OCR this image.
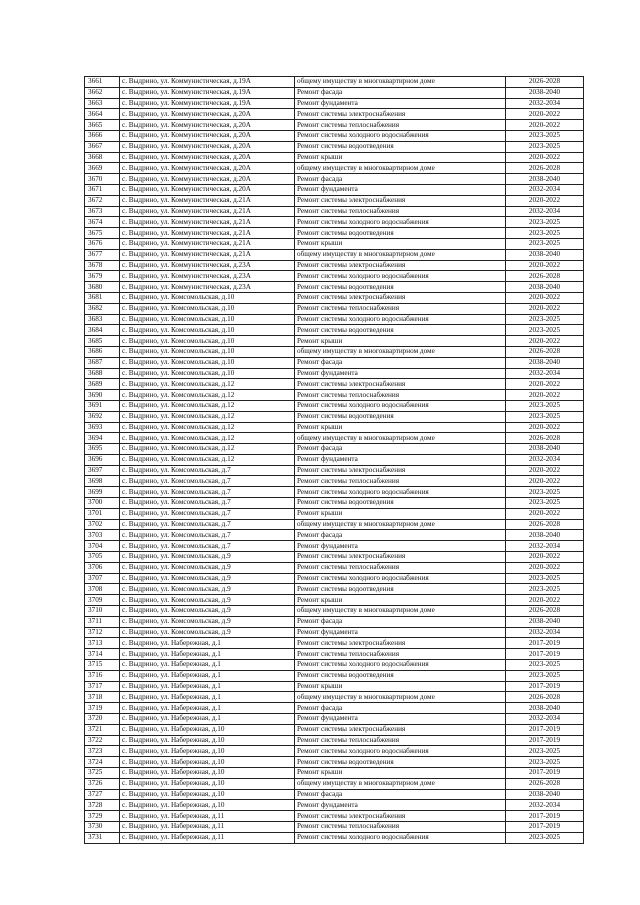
3661	с. Выдрино, ул. Коммунистическая, д.19А	общему имуществу в многоквартирном доме	2026-2028
3662	с. Выдрино, ул. Коммунистическая, д.19А	Ремонт фасада	2038-2040
3663	с. Выдрино, ул. Коммунистическая, д.19А	Ремонт фундамента	2032-2034
3664	с. Выдрино, ул. Коммунистическая, д.20А	Ремонт системы электроснабжения	2020-2022
3665	с. Выдрино, ул. Коммунистическая, д.20А	Ремонт системы теплоснабжения	2020-2022
3666	с. Выдрино, ул. Коммунистическая, д.20А	Ремонт системы холодного водоснабжения	2023-2025
3667	с. Выдрино, ул. Коммунистическая, д.20А	Ремонт системы водоотведения	2023-2025
3668	с. Выдрино, ул. Коммунистическая, д.20А	Ремонт крыши	2020-2022
3669	с. Выдрино, ул. Коммунистическая, д.20А	общему имуществу в многоквартирном доме	2026-2028
3670	с. Выдрино, ул. Коммунистическая, д.20А	Ремонт фасада	2038-2040
3671	с. Выдрино, ул. Коммунистическая, д.20А	Ремонт фундамента	2032-2034
3672	с. Выдрино, ул. Коммунистическая, д.21А	Ремонт системы электроснабжения	2020-2022
3673	с. Выдрино, ул. Коммунистическая, д.21А	Ремонт системы теплоснабжения	2032-2034
3674	с. Выдрино, ул. Коммунистическая, д.21А	Ремонт системы холодного водоснабжения	2023-2025
3675	с. Выдрино, ул. Коммунистическая, д.21А	Ремонт системы водоотведения	2023-2025
3676	с. Выдрино, ул. Коммунистическая, д.21А	Ремонт крыши	2023-2025
3677	с. Выдрино, ул. Коммунистическая, д.21А	общему имуществу в многоквартирном доме	2038-2040
3678	с. Выдрино, ул. Коммунистическая, д.23А	Ремонт системы электроснабжения	2020-2022
3679	с. Выдрино, ул. Коммунистическая, д.23А	Ремонт системы холодного водоснабжения	2026-2028
3680	с. Выдрино, ул. Коммунистическая, д.23А	Ремонт системы водоотведения	2038-2040
3681	с. Выдрино, ул. Комсомольская, д.10	Ремонт системы электроснабжения	2020-2022
3682	с. Выдрино, ул. Комсомольская, д.10	Ремонт системы теплоснабжения	2020-2022
3683	с. Выдрино, ул. Комсомольская, д.10	Ремонт системы холодного водоснабжения	2023-2025
3684	с. Выдрино, ул. Комсомольская, д.10	Ремонт системы водоотведения	2023-2025
3685	с. Выдрино, ул. Комсомольская, д.10	Ремонт крыши	2020-2022
3686	с. Выдрино, ул. Комсомольская, д.10	общему имуществу в многоквартирном доме	2026-2028
3687	с. Выдрино, ул. Комсомольская, д.10	Ремонт фасада	2038-2040
3688	с. Выдрино, ул. Комсомольская, д.10	Ремонт фундамента	2032-2034
3689	с. Выдрино, ул. Комсомольская, д.12	Ремонт системы электроснабжения	2020-2022
3690	с. Выдрино, ул. Комсомольская, д.12	Ремонт системы теплоснабжения	2020-2022
3691	с. Выдрино, ул. Комсомольская, д.12	Ремонт системы холодного водоснабжения	2023-2025
3692	с. Выдрино, ул. Комсомольская, д.12	Ремонт системы водоотведения	2023-2025
3693	с. Выдрино, ул. Комсомольская, д.12	Ремонт крыши	2020-2022
3694	с. Выдрино, ул. Комсомольская, д.12	общему имуществу в многоквартирном доме	2026-2028
3695	с. Выдрино, ул. Комсомольская, д.12	Ремонт фасада	2038-2040
3696	с. Выдрино, ул. Комсомольская, д.12	Ремонт фундамента	2032-2034
3697	с. Выдрино, ул. Комсомольская, д.7	Ремонт системы электроснабжения	2020-2022
3698	с. Выдрино, ул. Комсомольская, д.7	Ремонт системы теплоснабжения	2020-2022
3699	с. Выдрино, ул. Комсомольская, д.7	Ремонт системы холодного водоснабжения	2023-2025
3700	с. Выдрино, ул. Комсомольская, д.7	Ремонт системы водоотведения	2023-2025
3701	с. Выдрино, ул. Комсомольская, д.7	Ремонт крыши	2020-2022
3702	с. Выдрино, ул. Комсомольская, д.7	общему имуществу в многоквартирном доме	2026-2028
3703	с. Выдрино, ул. Комсомольская, д.7	Ремонт фасада	2038-2040
3704	с. Выдрино, ул. Комсомольская, д.7	Ремонт фундамента	2032-2034
3705	с. Выдрино, ул. Комсомольская, д.9	Ремонт системы электроснабжения	2020-2022
3706	с. Выдрино, ул. Комсомольская, д.9	Ремонт системы теплоснабжения	2020-2022
3707	с. Выдрино, ул. Комсомольская, д.9	Ремонт системы холодного водоснабжения	2023-2025
3708	с. Выдрино, ул. Комсомольская, д.9	Ремонт системы водоотведения	2023-2025
3709	с. Выдрино, ул. Комсомольская, д.9	Ремонт крыши	2020-2022
3710	с. Выдрино, ул. Комсомольская, д.9	общему имуществу в многоквартирном доме	2026-2028
3711	с. Выдрино, ул. Комсомольская, д.9	Ремонт фасада	2038-2040
3712	с. Выдрино, ул. Комсомольская, д.9	Ремонт фундамента	2032-2034
3713	с. Выдрино, ул. Набережная, д.1	Ремонт системы электроснабжения	2017-2019
3714	с. Выдрино, ул. Набережная, д.1	Ремонт системы теплоснабжения	2017-2019
3715	с. Выдрино, ул. Набережная, д.1	Ремонт системы холодного водоснабжения	2023-2025
3716	с. Выдрино, ул. Набережная, д.1	Ремонт системы водоотведения	2023-2025
3717	с. Выдрино, ул. Набережная, д.1	Ремонт крыши	2017-2019
3718	с. Выдрино, ул. Набережная, д.1	общему имуществу в многоквартирном доме	2026-2028
3719	с. Выдрино, ул. Набережная, д.1	Ремонт фасада	2038-2040
3720	с. Выдрино, ул. Набережная, д.1	Ремонт фундамента	2032-2034
3721	с. Выдрино, ул. Набережная, д.10	Ремонт системы электроснабжения	2017-2019
3722	с. Выдрино, ул. Набережная, д.10	Ремонт системы теплоснабжения	2017-2019
3723	с. Выдрино, ул. Набережная, д.10	Ремонт системы холодного водоснабжения	2023-2025
3724	с. Выдрино, ул. Набережная, д.10	Ремонт системы водоотведения	2023-2025
3725	с. Выдрино, ул. Набережная, д.10	Ремонт крыши	2017-2019
3726	с. Выдрино, ул. Набережная, д.10	общему имуществу в многоквартирном доме	2026-2028
3727	с. Выдрино, ул. Набережная, д.10	Ремонт фасада	2038-2040
3728	с. Выдрино, ул. Набережная, д.10	Ремонт фундамента	2032-2034
3729	с. Выдрино, ул. Набережная, д.11	Ремонт системы электроснабжения	2017-2019
3730	с. Выдрино, ул. Набережная, д.11	Ремонт системы теплоснабжения	2017-2019
3731	с. Выдрино, ул. Набережная, д.11	Ремонт системы холодного водоснабжения	2023-2025
